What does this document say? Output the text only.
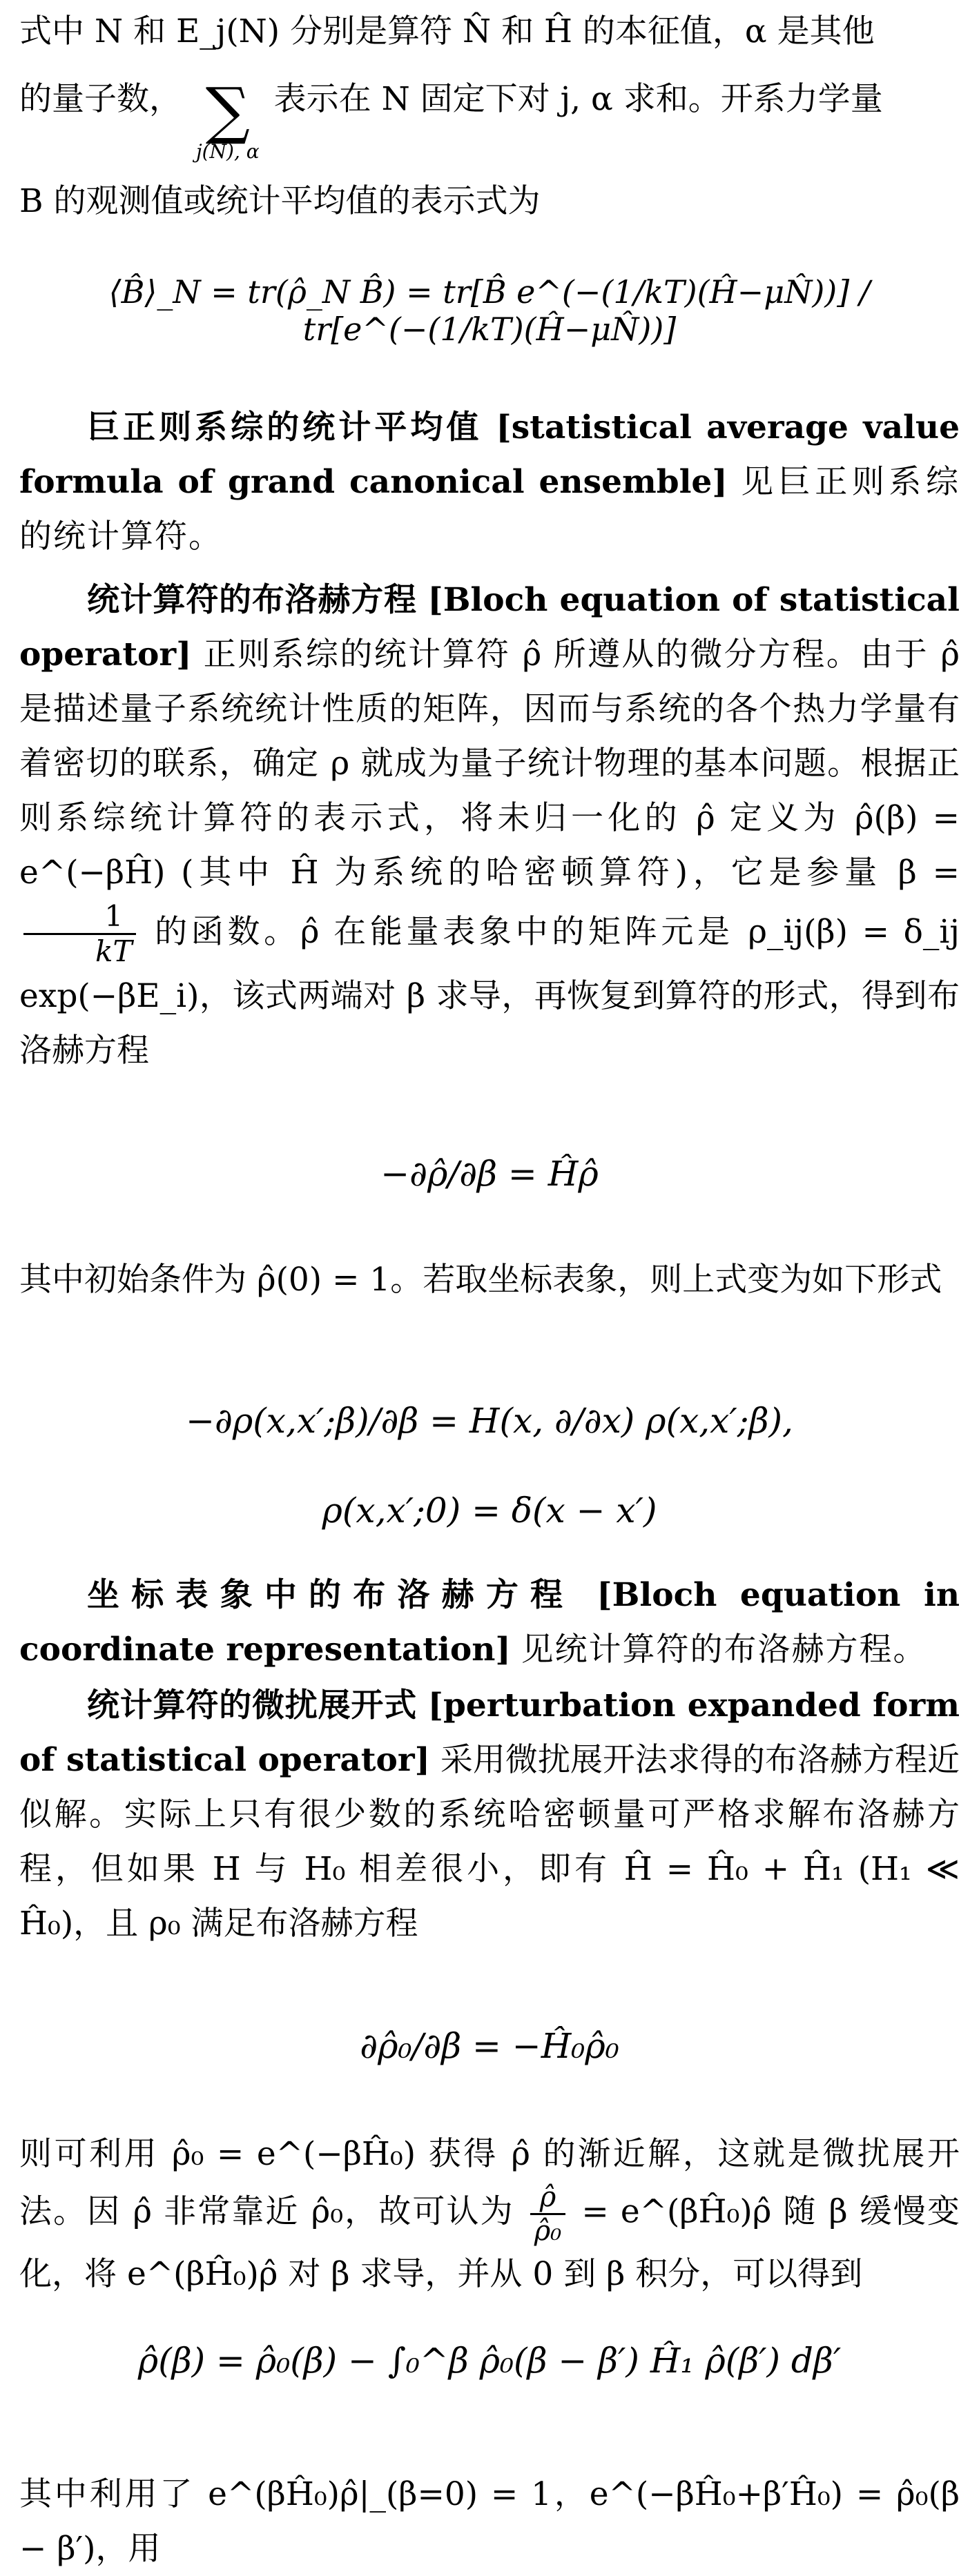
式中 N 和 E_j(N) 分别是算符 N̂ 和 Ĥ 的本征值，α 是其他

的量子数， ∑
j(N), α
表示在 N 固定下对 j, α 求和。开系力学量

B 的观测值或统计平均值的表示式为

⟨B̂⟩_N = tr(ρ̂_N B̂) = tr[B̂ e^(−(1/kT)(Ĥ−μN̂))] / tr[e^(−(1/kT)(Ĥ−μN̂))]

巨正则系综的统计平均值 [statistical average value formula of grand canonical ensemble] 见巨正则系综的统计算符。

统计算符的布洛赫方程 [Bloch equation of statistical operator] 正则系综的统计算符 ρ̂ 所遵从的微分方程。由于 ρ̂ 是描述量子系统统计性质的矩阵，因而与系统的各个热力学量有着密切的联系，确定 ρ 就成为量子统计物理的基本问题。根据正则系综统计算符的表示式，将未归一化的 ρ̂ 定义为 ρ̂(β) = e^(−βĤ) (其中 Ĥ 为系统的哈密顿算符)，它是参量 β =
$\frac{1}{kT}$ 的函数。ρ̂ 在能量表象中的矩阵元是 ρ_ij(β) = δ_ij exp(−βE_i)，该式两端对 β 求导，再恢复到算符的形式，得到布洛赫方程

−∂ρ̂/∂β = Ĥρ̂

其中初始条件为 ρ̂(0) = 1。若取坐标表象，则上式变为如下形式

−∂ρ(x,x′;β)/∂β = H(x, ∂/∂x) ρ(x,x′;β),

ρ(x,x′;0) = δ(x − x′)

坐标表象中的布洛赫方程 [Bloch equation in coordinate representation] 见统计算符的布洛赫方程。

统计算符的微扰展开式 [perturbation expanded form of statistical operator] 采用微扰展开法求得的布洛赫方程近似解。实际上只有很少数的系统哈密顿量可严格求解布洛赫方程，但如果 H 与 H₀ 相差很小，即有 Ĥ = Ĥ₀ + Ĥ₁ (H₁ ≪ Ĥ₀)，且 ρ₀ 满足布洛赫方程

∂ρ̂₀/∂β = −Ĥ₀ρ̂₀

则可利用 ρ̂₀ = e^(−βĤ₀) 获得 ρ̂ 的渐近解，这就是微扰展开法。因 ρ̂ 非常靠近 ρ̂₀，故可认为 $\frac{\rhô}{\text{ρ̂₀}}$ = e^(βĤ₀)ρ̂ 随 β 缓慢变化，将 e^(βĤ₀)ρ̂ 对 β 求导，并从 0 到 β 积分，可以得到

ρ̂(β) = ρ̂₀(β) − ∫₀^β ρ̂₀(β − β′) Ĥ₁ ρ̂(β′) dβ′

其中利用了 e^(βĤ₀)ρ̂|_(β=0) = 1，e^(−βĤ₀+β′Ĥ₀) = ρ̂₀(β − β′)，用
